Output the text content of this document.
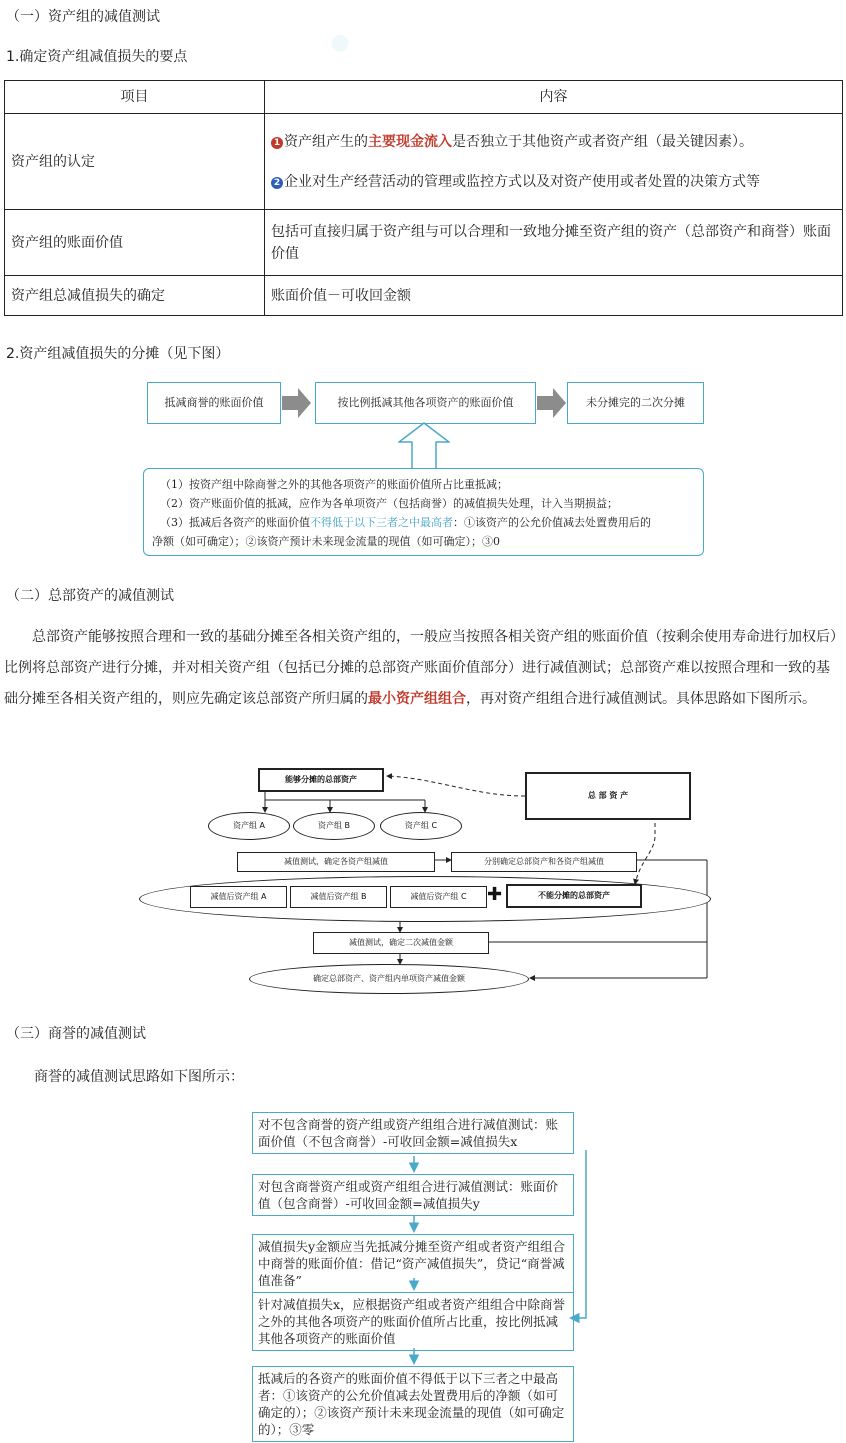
●
（一）资产组的减值测试
1.确定资产组减值损失的要点
项目	内容
资产组的认定	1 资产组产生的主要现金流入是否独立于其他资产或者资产组（最关键因素）。
2 企业对生产经营活动的管理或监控方式以及对资产使用或者处置的决策方式等

资产组的账面价值	包括可直接归属于资产组与可以合理和一致地分摊至资产组的资产（总部资产和商誉）账面价值
资产组总减值损失的确定	账面价值－可收回金额
2.资产组减值损失的分摊（见下图）
抵减商誉的账面价值	按比例抵减其他各项资产的账面价值	未分摊完的二次分摊
（1）按资产组中除商誉之外的其他各项资产的账面价值所占比重抵减；
（2）资产账面价值的抵减，应作为各单项资产（包括商誉）的减值损失处理，计入当期损益；
（3）抵减后各资产的账面价值不得低于以下三者之中最高者：①该资产的公允价值减去处置费用后的
净额（如可确定）；②该资产预计未来现金流量的现值（如可确定）；③0
（二）总部资产的减值测试
总部资产能够按照合理和一致的基础分摊至各相关资产组的，一般应当按照各相关资产组的账面价值（按剩余使用寿命进行加权后）比例将总部资产进行分摊，并对相关资产组（包括已分摊的总部资产账面价值部分）进行减值测试；总部资产难以按照合理和一致的基础分摊至各相关资产组的，则应先确定该总部资产所归属的最小资产组组合，再对资产组组合进行减值测试。具体思路如下图所示。
能够分摊的总部资产
总 部 资 产
资产组 A	资产组 B	资产组 C
减值测试，确定各资产组减值	分别确定总部资产和各资产组减值
减值后资产组 A	减值后资产组 B	减值后资产组 C	✚	不能分摊的总部资产
减值测试，确定二次减值金额
确定总部资产、资产组内单项资产减值金额
（三）商誉的减值测试
商誉的减值测试思路如下图所示：
对不包含商誉的资产组或资产组组合进行减值测试：账面价值（不包含商誉）-可收回金额=减值损失x
对包含商誉资产组或资产组组合进行减值测试：账面价值（包含商誉）-可收回金额=减值损失y
减值损失y金额应当先抵减分摊至资产组或者资产组组合中商誉的账面价值：借记“资产减值损失”，贷记“商誉减值准备”
针对减值损失x，应根据资产组或者资产组组合中除商誉之外的其他各项资产的账面价值所占比重，按比例抵减其他各项资产的账面价值
抵减后的各资产的账面价值不得低于以下三者之中最高者：①该资产的公允价值减去处置费用后的净额（如可确定的）；②该资产预计未来现金流量的现值（如可确定的）；③零
